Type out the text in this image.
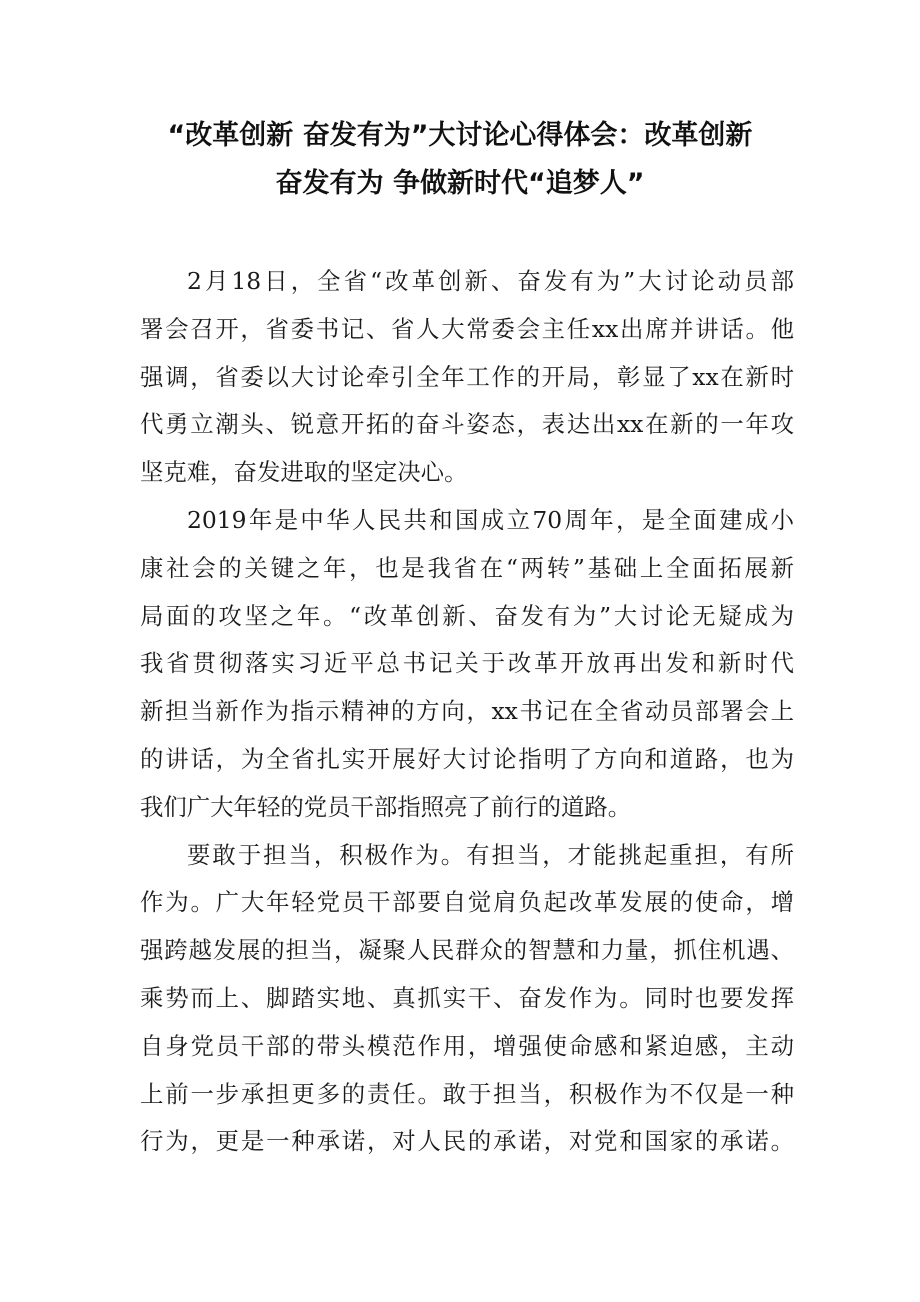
“改革创新 奋发有为”大讨论心得体会：改革创新
奋发有为 争做新时代“追梦人”

2月18日，全省“改革创新、奋发有为”大讨论动员部
署会召开，省委书记、省人大常委会主任xx出席并讲话。他
强调，省委以大讨论牵引全年工作的开局，彰显了xx在新时
代勇立潮头、锐意开拓的奋斗姿态，表达出xx在新的一年攻
坚克难，奋发进取的坚定决心。

2019年是中华人民共和国成立70周年，是全面建成小
康社会的关键之年，也是我省在“两转”基础上全面拓展新
局面的攻坚之年。“改革创新、奋发有为”大讨论无疑成为
我省贯彻落实习近平总书记关于改革开放再出发和新时代
新担当新作为指示精神的方向，xx书记在全省动员部署会上
的讲话，为全省扎实开展好大讨论指明了方向和道路，也为
我们广大年轻的党员干部指照亮了前行的道路。

要敢于担当，积极作为。有担当，才能挑起重担，有所
作为。广大年轻党员干部要自觉肩负起改革发展的使命，增
强跨越发展的担当，凝聚人民群众的智慧和力量，抓住机遇、
乘势而上、脚踏实地、真抓实干、奋发作为。同时也要发挥
自身党员干部的带头模范作用，增强使命感和紧迫感，主动
上前一步承担更多的责任。敢于担当，积极作为不仅是一种
行为，更是一种承诺，对人民的承诺，对党和国家的承诺。
